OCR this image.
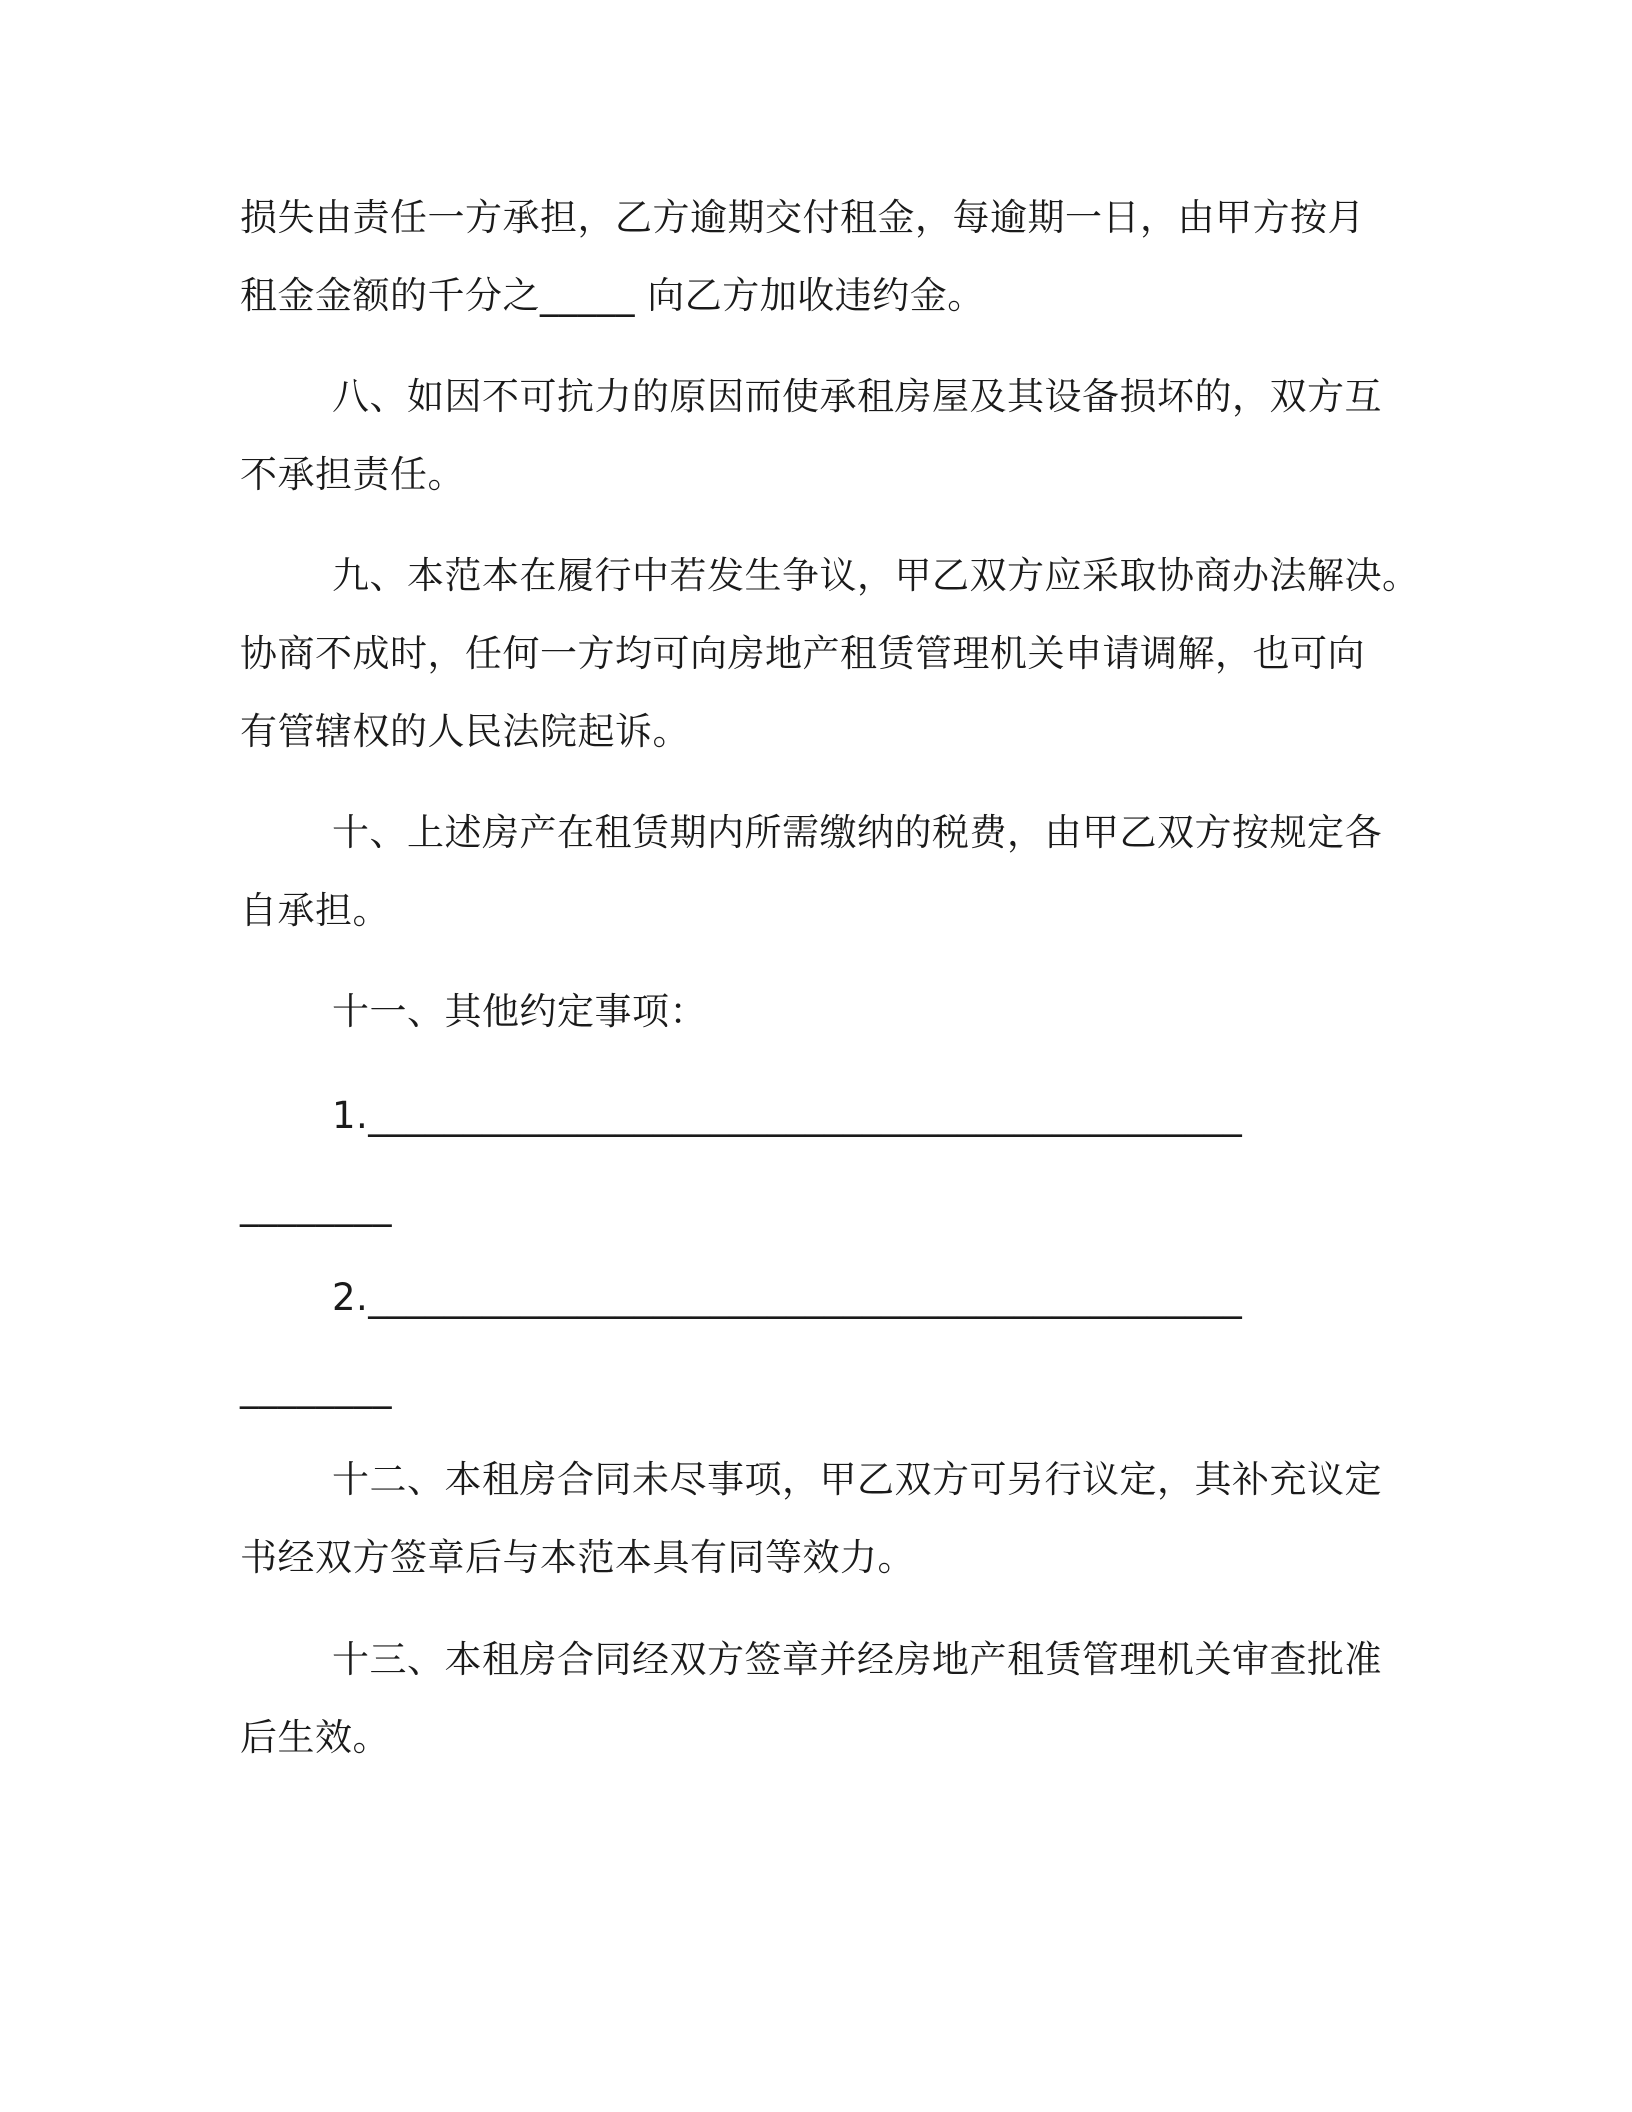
损失由责任一方承担，乙方逾期交付租金，每逾期一日，由甲方按月
租金金额的千分之_____ 向乙方加收违约金。
八、如因不可抗力的原因而使承租房屋及其设备损坏的，双方互
不承担责任。
九、本范本在履行中若发生争议，甲乙双方应采取协商办法解决。
协商不成时，任何一方均可向房地产租赁管理机关申请调解，也可向
有管辖权的人民法院起诉。
十、上述房产在租赁期内所需缴纳的税费，由甲乙双方按规定各
自承担。
十一、其他约定事项：
1.______________________________________________
________
2.______________________________________________
________
十二、本租房合同未尽事项，甲乙双方可另行议定，其补充议定
书经双方签章后与本范本具有同等效力。
十三、本租房合同经双方签章并经房地产租赁管理机关审查批准
后生效。
